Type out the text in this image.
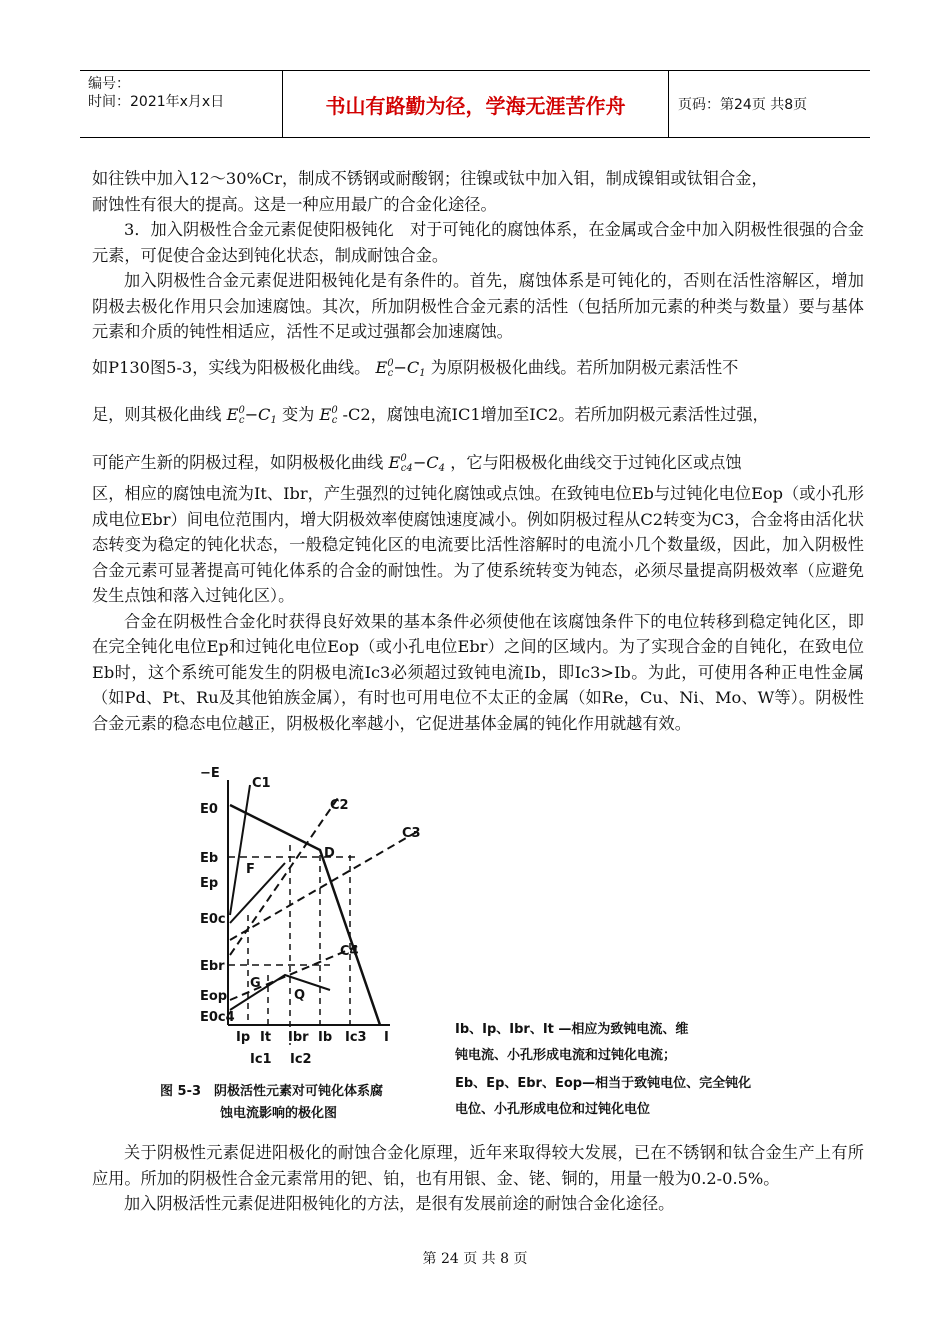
编号：
时间：2021年x月x日	书山有路勤为径，学海无涯苦作舟	页码：第24页 共8页

如往铁中加入12～30%Cr，制成不锈钢或耐酸钢；往镍或钛中加入钼，制成镍钼或钛钼合金，

耐蚀性有很大的提高。这是一种应用最广的合金化途径。

3．加入阴极性合金元素促使阳极钝化　对于可钝化的腐蚀体系，在金属或合金中加入阴极性很强的合金元素，可促使合金达到钝化状态，制成耐蚀合金。

加入阴极性合金元素促进阳极钝化是有条件的。首先，腐蚀体系是可钝化的，否则在活性溶解区，增加阴极去极化作用只会加速腐蚀。其次，所加阴极性合金元素的活性（包括所加元素的种类与数量）要与基体元素和介质的钝性相适应，活性不足或过强都会加速腐蚀。

如P130图5-3，实线为阳极极化曲线。 $E^0_c-C_1$ 为原阴极极化曲线。若所加阴极元素活性不

足，则其极化曲线 $E^0_c-C_1$ 变为 $E^0_c$ -C2，腐蚀电流IC1增加至IC2。若所加阴极元素活性过强，

可能产生新的阴极过程，如阴极极化曲线 $E^0_{c4}-C_4$ ，它与阳极极化曲线交于过钝化区或点蚀

区，相应的腐蚀电流为It、Ibr，产生强烈的过钝化腐蚀或点蚀。在致钝电位Eb与过钝化电位Eop（或小孔形成电位Ebr）间电位范围内，增大阴极效率使腐蚀速度减小。例如阴极过程从C2转变为C3，合金将由活化状态转变为稳定的钝化状态，一般稳定钝化区的电流要比活性溶解时的电流小几个数量级，因此，加入阴极性合金元素可显著提高可钝化体系的合金的耐蚀性。为了使系统转变为钝态，必须尽量提高阴极效率（应避免发生点蚀和落入过钝化区）。

合金在阴极性合金化时获得良好效果的基本条件必须使他在该腐蚀条件下的电位转移到稳定钝化区，即在完全钝化电位Ep和过钝化电位Eop（或小孔电位Ebr）之间的区域内。为了实现合金的自钝化，在致电位Eb时，这个系统可能发生的阴极电流Ic3必须超过致钝电流Ib，即Ic3>Ib。为此，可使用各种正电性金属（如Pd、Pt、Ru及其他铂族金属），有时也可用电位不太正的金属（如Re，Cu、Ni、Mo、W等）。阴极性合金元素的稳态电位越正，阴极极化率越小，它促进基体金属的钝化作用就越有效。

−E
I
C1
C2
C3
C4
D
F
G
Q
E0
Eb
Ep
E0c
Ebr
Eop
E0c4
Ip It Ibr Ib Ic3
Ic1 Ic2
图 5-3　阴极活性元素对可钝化体系腐
蚀电流影响的极化图
Ib、Ip、Ibr、It —相应为致钝电流、维
钝电流、小孔形成电流和过钝化电流；
Eb、Ep、Ebr、Eop—相当于致钝电位、完全钝化
电位、小孔形成电位和过钝化电位

关于阴极性元素促进阳极化的耐蚀合金化原理，近年来取得较大发展，已在不锈钢和钛合金生产上有所应用。所加的阴极性合金元素常用的钯、铂，也有用银、金、铑、铜的，用量一般为0.2-0.5%。

加入阴极活性元素促进阳极钝化的方法，是很有发展前途的耐蚀合金化途径。

第 24 页 共 8 页
